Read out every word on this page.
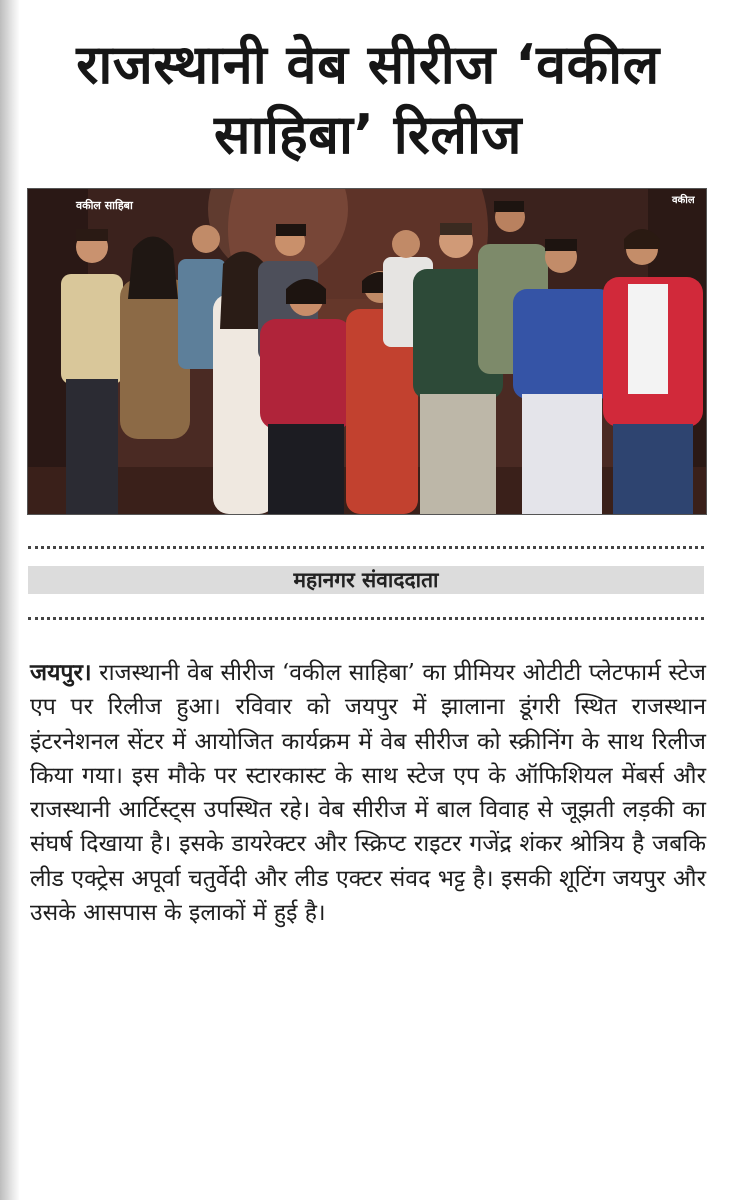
राजस्थानी वेब सीरीज ‘वकील साहिबा’ रिलीज
वकील साहिबा	वकील
महानगर संवाददाता
जयपुर। राजस्थानी वेब सीरीज ‘वकील साहिबा’ का प्रीमियर ओटीटी प्लेटफार्म स्टेज एप पर रिलीज हुआ। रविवार को जयपुर में झालाना डूंगरी स्थित राजस्थान इंटरनेशनल सेंटर में आयोजित कार्यक्रम में वेब सीरीज को स्क्रीनिंग के साथ रिलीज किया गया। इस मौके पर स्टारकास्ट के साथ स्टेज एप के ऑफिशियल मेंबर्स और राजस्थानी आर्टिस्ट्स उपस्थित रहे। वेब सीरीज में बाल विवाह से जूझती लड़की का संघर्ष दिखाया है। इसके डायरेक्टर और स्क्रिप्ट राइटर गजेंद्र शंकर श्रोत्रिय है जबकि लीड एक्ट्रेस अपूर्वा चतुर्वेदी और लीड एक्टर संवद भट्ट है। इसकी शूटिंग जयपुर और उसके आसपास के इलाकों में हुई है।
